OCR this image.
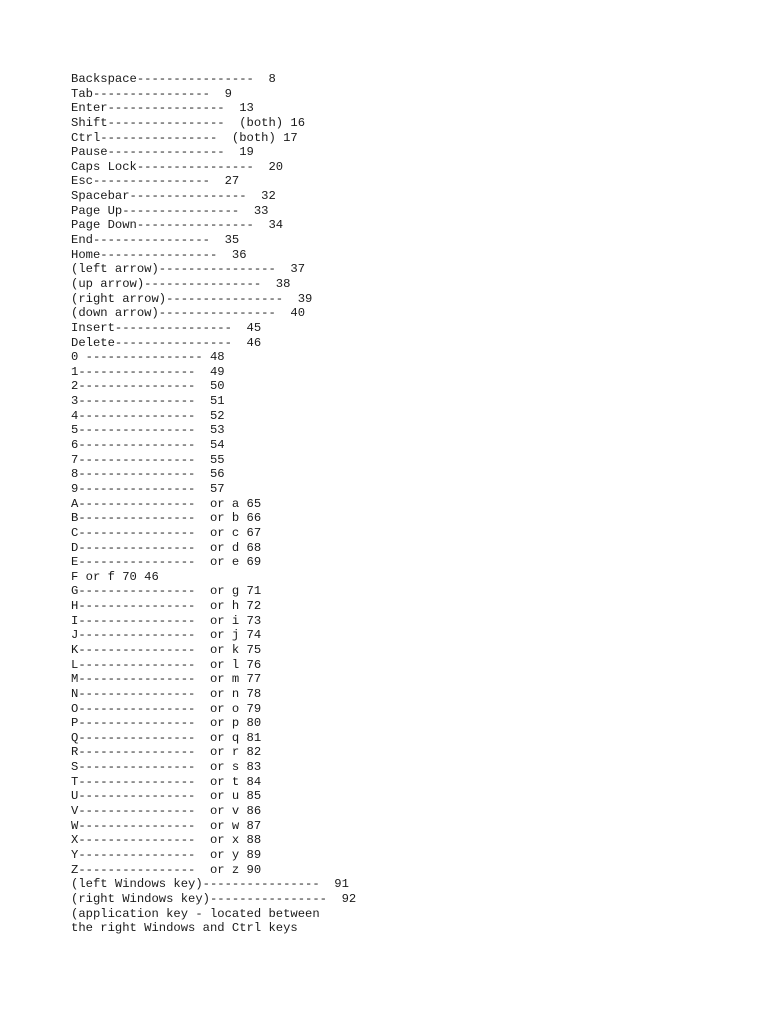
Backspace----------------  8
Tab----------------  9
Enter----------------  13
Shift----------------  (both) 16
Ctrl----------------  (both) 17
Pause----------------  19
Caps Lock----------------  20
Esc----------------  27
Spacebar----------------  32
Page Up----------------  33
Page Down----------------  34
End----------------  35
Home----------------  36
(left arrow)----------------  37
(up arrow)----------------  38
(right arrow)----------------  39
(down arrow)----------------  40
Insert----------------  45
Delete----------------  46
0 ---------------- 48
1----------------  49
2----------------  50
3----------------  51
4----------------  52
5----------------  53
6----------------  54
7----------------  55
8----------------  56
9----------------  57
A----------------  or a 65
B----------------  or b 66
C----------------  or c 67
D----------------  or d 68
E----------------  or e 69
F or f 70 46
G----------------  or g 71
H----------------  or h 72
I----------------  or i 73
J----------------  or j 74
K----------------  or k 75
L----------------  or l 76
M----------------  or m 77
N----------------  or n 78
O----------------  or o 79
P----------------  or p 80
Q----------------  or q 81
R----------------  or r 82
S----------------  or s 83
T----------------  or t 84
U----------------  or u 85
V----------------  or v 86
W----------------  or w 87
X----------------  or x 88
Y----------------  or y 89
Z----------------  or z 90
(left Windows key)----------------  91
(right Windows key)----------------  92
(application key - located between
the right Windows and Ctrl keys
